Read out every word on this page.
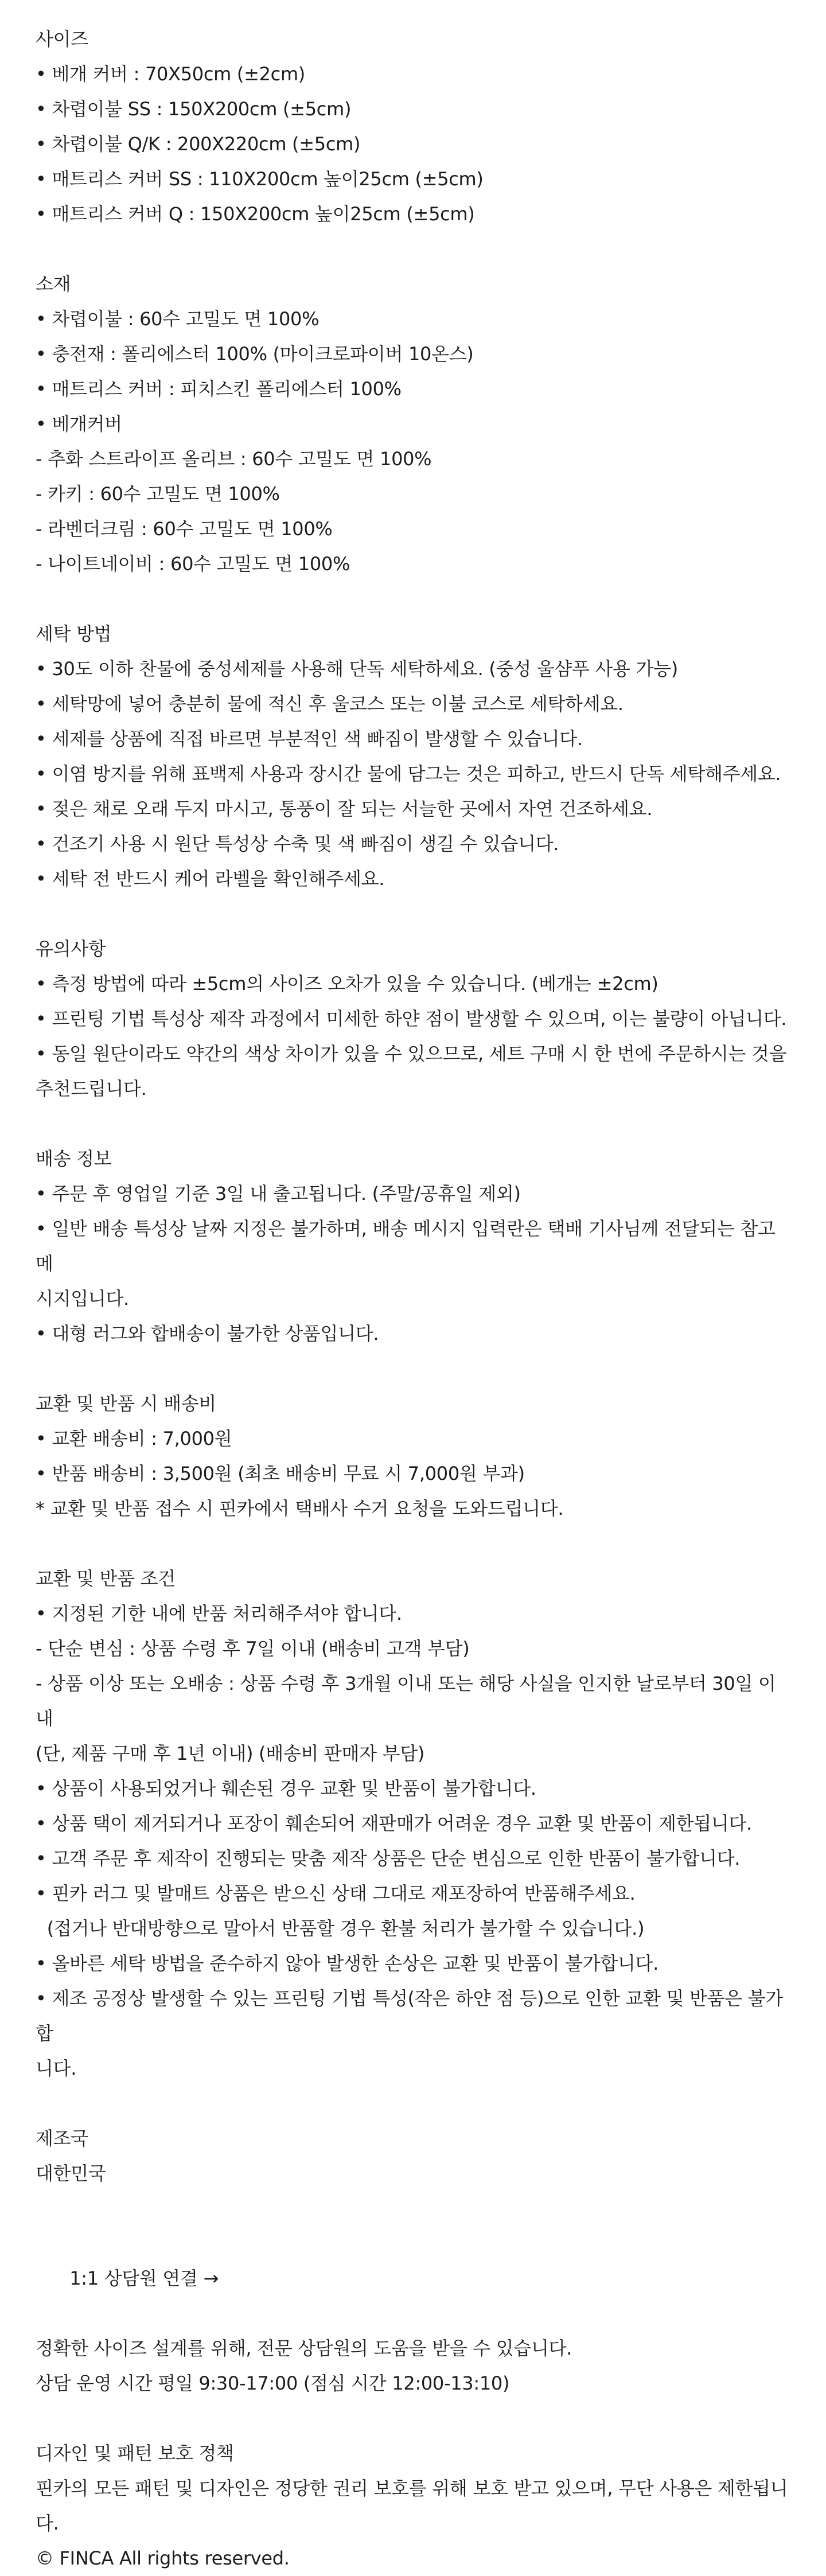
사이즈

• 베개 커버 : 70X50cm (±2cm)

• 차렵이불 SS : 150X200cm (±5cm)

• 차렵이불 Q/K : 200X220cm (±5cm)

• 매트리스 커버 SS : 110X200cm 높이25cm (±5cm)

• 매트리스 커버 Q : 150X200cm 높이25cm (±5cm)

소재

• 차렵이불 : 60수 고밀도 면 100%

• 충전재 : 폴리에스터 100% (마이크로파이버 10온스)

• 매트리스 커버 : 피치스킨 폴리에스터 100%

• 베개커버

- 추화 스트라이프 올리브 : 60수 고밀도 면 100%

- 카키 : 60수 고밀도 면 100%

- 라벤더크림 : 60수 고밀도 면 100%

- 나이트네이비 : 60수 고밀도 면 100%

세탁 방법

• 30도 이하 찬물에 중성세제를 사용해 단독 세탁하세요. (중성 울샴푸 사용 가능)

• 세탁망에 넣어 충분히 물에 적신 후 울코스 또는 이불 코스로 세탁하세요.

• 세제를 상품에 직접 바르면 부분적인 색 빠짐이 발생할 수 있습니다.

• 이염 방지를 위해 표백제 사용과 장시간 물에 담그는 것은 피하고, 반드시 단독 세탁해주세요.

• 젖은 채로 오래 두지 마시고, 통풍이 잘 되는 서늘한 곳에서 자연 건조하세요.

• 건조기 사용 시 원단 특성상 수축 및 색 빠짐이 생길 수 있습니다.

• 세탁 전 반드시 케어 라벨을 확인해주세요.

유의사항

• 측정 방법에 따라 ±5cm의 사이즈 오차가 있을 수 있습니다. (베개는 ±2cm)

• 프린팅 기법 특성상 제작 과정에서 미세한 하얀 점이 발생할 수 있으며, 이는 불량이 아닙니다.

• 동일 원단이라도 약간의 색상 차이가 있을 수 있으므로, 세트 구매 시 한 번에 주문하시는 것을

추천드립니다.

배송 정보

• 주문 후 영업일 기준 3일 내 출고됩니다. (주말/공휴일 제외)

• 일반 배송 특성상 날짜 지정은 불가하며, 배송 메시지 입력란은 택배 기사님께 전달되는 참고 메

시지입니다.

• 대형 러그와 합배송이 불가한 상품입니다.

교환 및 반품 시 배송비

• 교환 배송비 : 7,000원

• 반품 배송비 : 3,500원 (최초 배송비 무료 시 7,000원 부과)

* 교환 및 반품 접수 시 핀카에서 택배사 수거 요청을 도와드립니다.

교환 및 반품 조건

• 지정된 기한 내에 반품 처리해주셔야 합니다.

- 단순 변심 : 상품 수령 후 7일 이내 (배송비 고객 부담)

- 상품 이상 또는 오배송 : 상품 수령 후 3개월 이내 또는 해당 사실을 인지한 날로부터 30일 이내

(단, 제품 구매 후 1년 이내) (배송비 판매자 부담)

• 상품이 사용되었거나 훼손된 경우 교환 및 반품이 불가합니다.

• 상품 택이 제거되거나 포장이 훼손되어 재판매가 어려운 경우 교환 및 반품이 제한됩니다.

• 고객 주문 후 제작이 진행되는 맞춤 제작 상품은 단순 변심으로 인한 반품이 불가합니다.

• 핀카 러그 및 발매트 상품은 받으신 상태 그대로 재포장하여 반품해주세요.

(접거나 반대방향으로 말아서 반품할 경우 환불 처리가 불가할 수 있습니다.)

• 올바른 세탁 방법을 준수하지 않아 발생한 손상은 교환 및 반품이 불가합니다.

• 제조 공정상 발생할 수 있는 프린팅 기법 특성(작은 하얀 점 등)으로 인한 교환 및 반품은 불가합

니다.

제조국

대한민국

1:1 상담원 연결 →

정확한 사이즈 설계를 위해, 전문 상담원의 도움을 받을 수 있습니다.

상담 운영 시간 평일 9:30-17:00 (점심 시간 12:00-13:10)

디자인 및 패턴 보호 정책

핀카의 모든 패턴 및 디자인은 정당한 권리 보호를 위해 보호 받고 있으며, 무단 사용은 제한됩니

다.

© FINCA All rights reserved.
